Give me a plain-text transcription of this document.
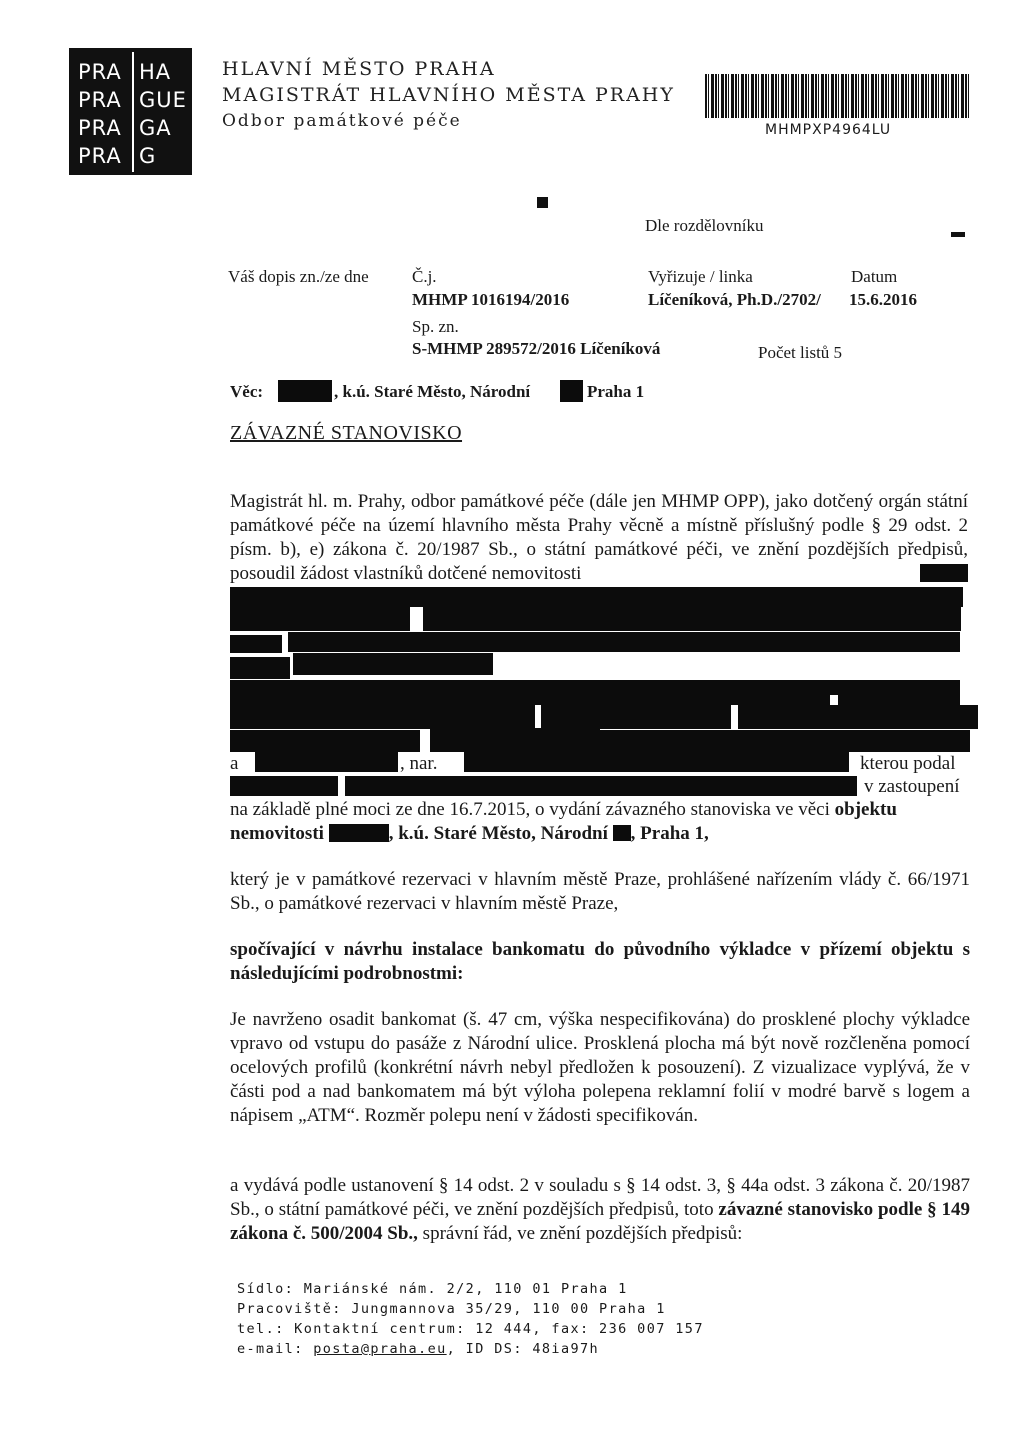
PRA HA
PRA GUE
PRA GA
PRA G
HLAVNÍ MĚSTO PRAHA
MAGISTRÁT HLAVNÍHO MĚSTA PRAHY
Odbor památkové péče	MHMPXP4964LU
Dle rozdělovníku
Váš dopis zn./ze dne	Č.j.
MHMP 1016194/2016
Sp. zn.
S-MHMP 289572/2016 Líčeníková
Vyřizuje / linka
Líčeníková, Ph.D./2702/
Datum
15.6.2016
Počet listů 5
Věc:	, k.ú. Staré Město, Národní	Praha 1
ZÁVAZNÉ STANOVISKO
Magistrát hl. m. Prahy, odbor památkové péče (dále jen MHMP OPP), jako dotčený orgán státní památkové péče na území hlavního města Prahy věcně a místně příslušný podle § 29 odst. 2 písm. b), e) zákona č. 20/1987 Sb., o státní památkové péči, ve znění pozdějších předpisů, posoudil žádost vlastníků dotčené nemovitosti
a	, nar.	kterou podal
v zastoupení
na základě plné moci ze dne 16.7.2015, o vydání závazného stanoviska ve věci objektu
nemovitosti	, k.ú. Staré Město, Národní , Praha 1,
který je v památkové rezervaci v hlavním městě Praze, prohlášené nařízením vlády č. 66/1971 Sb., o památkové rezervaci v hlavním městě Praze,
spočívající v návrhu instalace bankomatu do původního výkladce v přízemí objektu s následujícími podrobnostmi:
Je navrženo osadit bankomat (š. 47 cm, výška nespecifikována) do prosklené plochy výkladce vpravo od vstupu do pasáže z Národní ulice. Prosklená plocha má být nově rozčleněna pomocí ocelových profilů (konkrétní návrh nebyl předložen k posouzení). Z vizualizace vyplývá, že v části pod a nad bankomatem má být výloha polepena reklamní folií v modré barvě s logem a nápisem „ATM“. Rozměr polepu není v žádosti specifikován.
a vydává podle ustanovení § 14 odst. 2 v souladu s § 14 odst. 3, § 44a odst. 3 zákona č. 20/1987 Sb., o státní památkové péči, ve znění pozdějších předpisů, toto závazné stanovisko podle § 149 zákona č. 500/2004 Sb., správní řád, ve znění pozdějších předpisů:
Sídlo: Mariánské nám. 2/2, 110 01 Praha 1
Pracoviště: Jungmannova 35/29, 110 00 Praha 1
tel.: Kontaktní centrum: 12 444, fax: 236 007 157
e-mail: posta@praha.eu, ID DS: 48ia97h
